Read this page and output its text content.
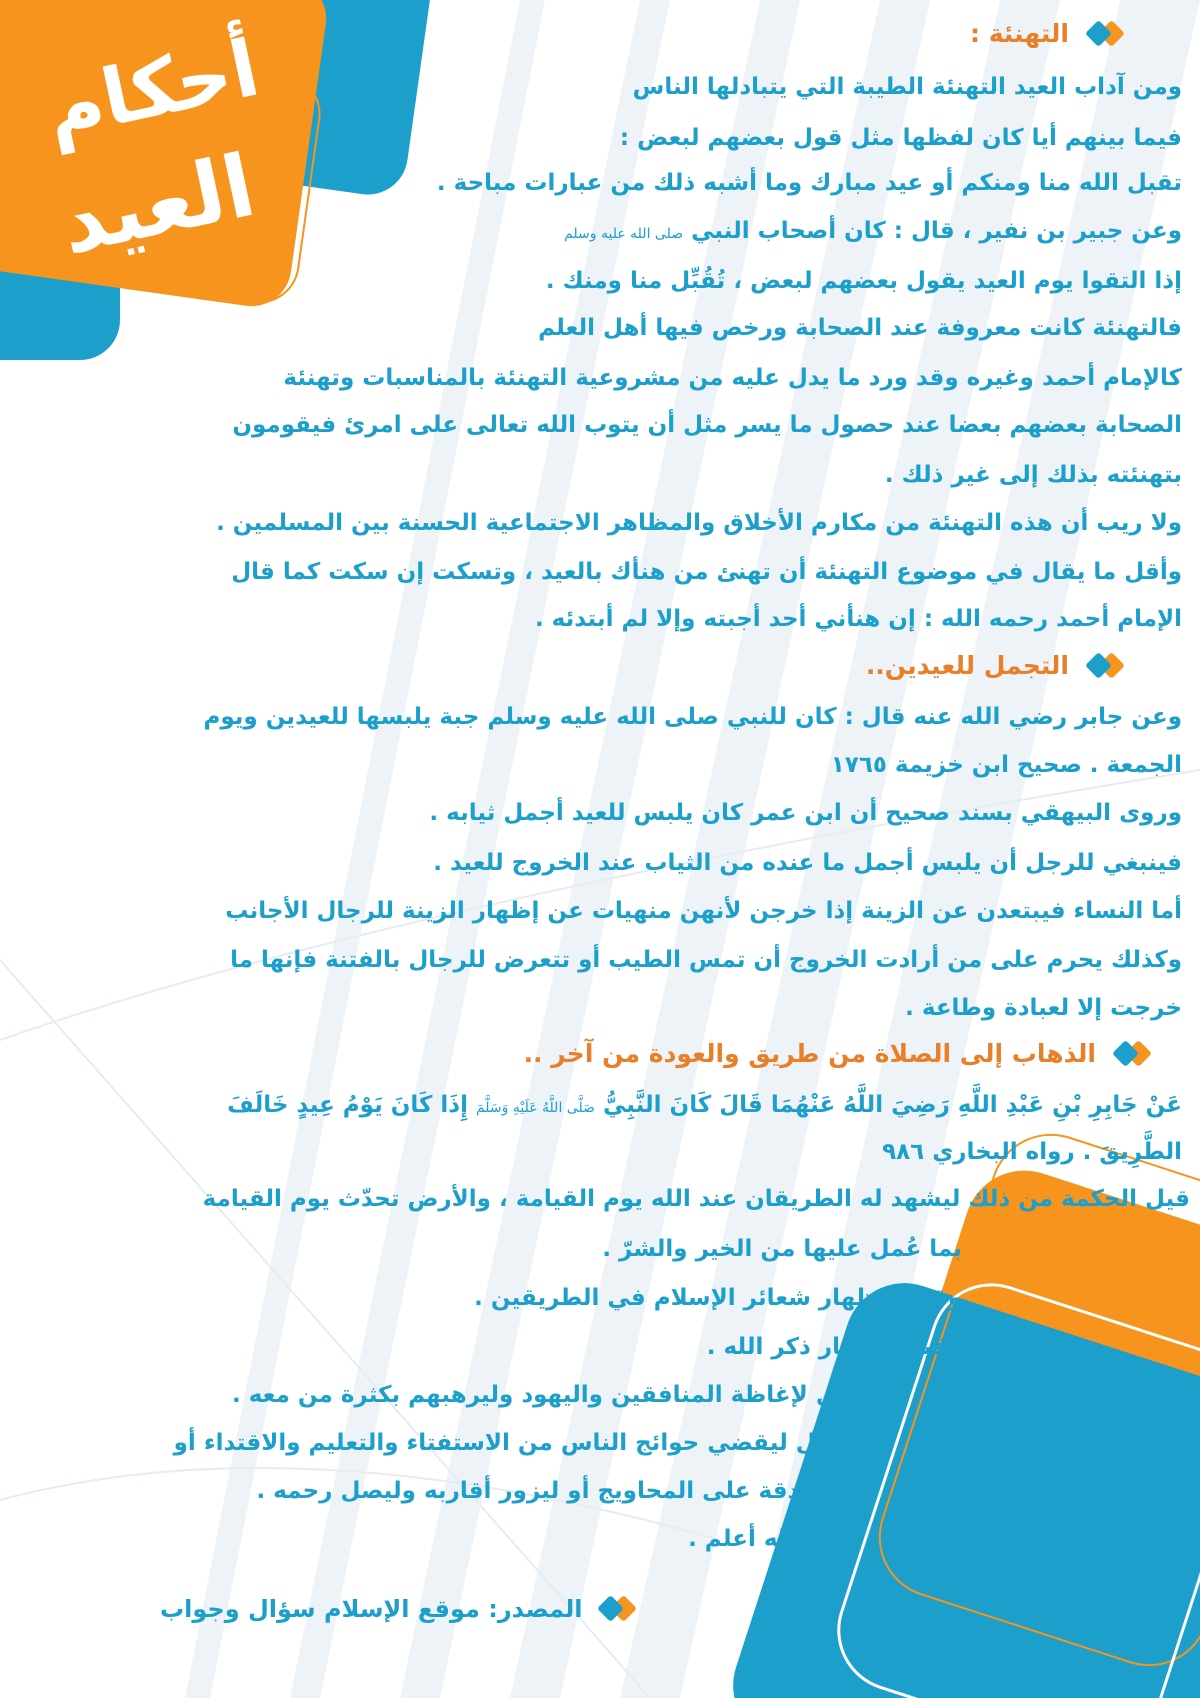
أحكام
العيد
التهنئة :
ومن آداب العيد التهنئة الطيبة التي يتبادلها الناس
فيما بينهم أيا كان لفظها مثل قول بعضهم لبعض :
تقبل الله منا ومنكم أو عيد مبارك وما أشبه ذلك من عبارات مباحة .
وعن جبير بن نفير ، قال : كان أصحاب النبي صلى الله عليه وسلم
إذا التقوا يوم العيد يقول بعضهم لبعض ، تُقُبِّل منا ومنك .
فالتهنئة كانت معروفة عند الصحابة ورخص فيها أهل العلم
كالإمام أحمد وغيره وقد ورد ما يدل عليه من مشروعية التهنئة بالمناسبات وتهنئة
الصحابة بعضهم بعضا عند حصول ما يسر مثل أن يتوب الله تعالى على امرئ فيقومون
بتهنئته بذلك إلى غير ذلك .
ولا ريب أن هذه التهنئة من مكارم الأخلاق والمظاهر الاجتماعية الحسنة بين المسلمين .
وأقل ما يقال في موضوع التهنئة أن تهنئ من هنأك بالعيد ، وتسكت إن سكت كما قال
الإمام أحمد رحمه الله : إن هنأني أحد أجبته وإلا لم أبتدئه .
التجمل للعيدين..
وعن جابر رضي الله عنه قال : كان للنبي صلى الله عليه وسلم جبة يلبسها للعيدين ويوم
الجمعة . صحيح ابن خزيمة ١٧٦٥
وروى البيهقي بسند صحيح أن ابن عمر كان يلبس للعيد أجمل ثيابه .
فينبغي للرجل أن يلبس أجمل ما عنده من الثياب عند الخروج للعيد .
أما النساء فيبتعدن عن الزينة إذا خرجن لأنهن منهيات عن إظهار الزينة للرجال الأجانب
وكذلك يحرم على من أرادت الخروج أن تمس الطيب أو تتعرض للرجال بالفتنة فإنها ما
خرجت إلا لعبادة وطاعة .
الذهاب إلى الصلاة من طريق والعودة من آخر ..
عَنْ جَابِرِ بْنِ عَبْدِ اللَّهِ رَضِيَ اللَّهُ عَنْهُمَا قَالَ كَانَ النَّبِيُّ صَلَّى اللَّهُ عَلَيْهِ وَسَلَّمَ إِذَا كَانَ يَوْمُ عِيدٍ خَالَفَ
الطَّرِيقَ . رواه البخاري ٩٨٦
قيل الحكمة من ذلك ليشهد له الطريقان عند الله يوم القيامة ، والأرض تحدّث يوم القيامة
بما عُمل عليها من الخير والشرّ .
وقيل لإظهار شعائر الإسلام في الطريقين .
وقيل لإظهار ذكر الله .
وقيل لإغاظة المنافقين واليهود وليرهبهم بكثرة من معه .
وقيل ليقضي حوائج الناس من الاستفتاء والتعليم والاقتداء أو
الصدقة على المحاويج أو ليزور أقاربه وليصل رحمه .
والله أعلم .
المصدر: موقع الإسلام سؤال وجواب
